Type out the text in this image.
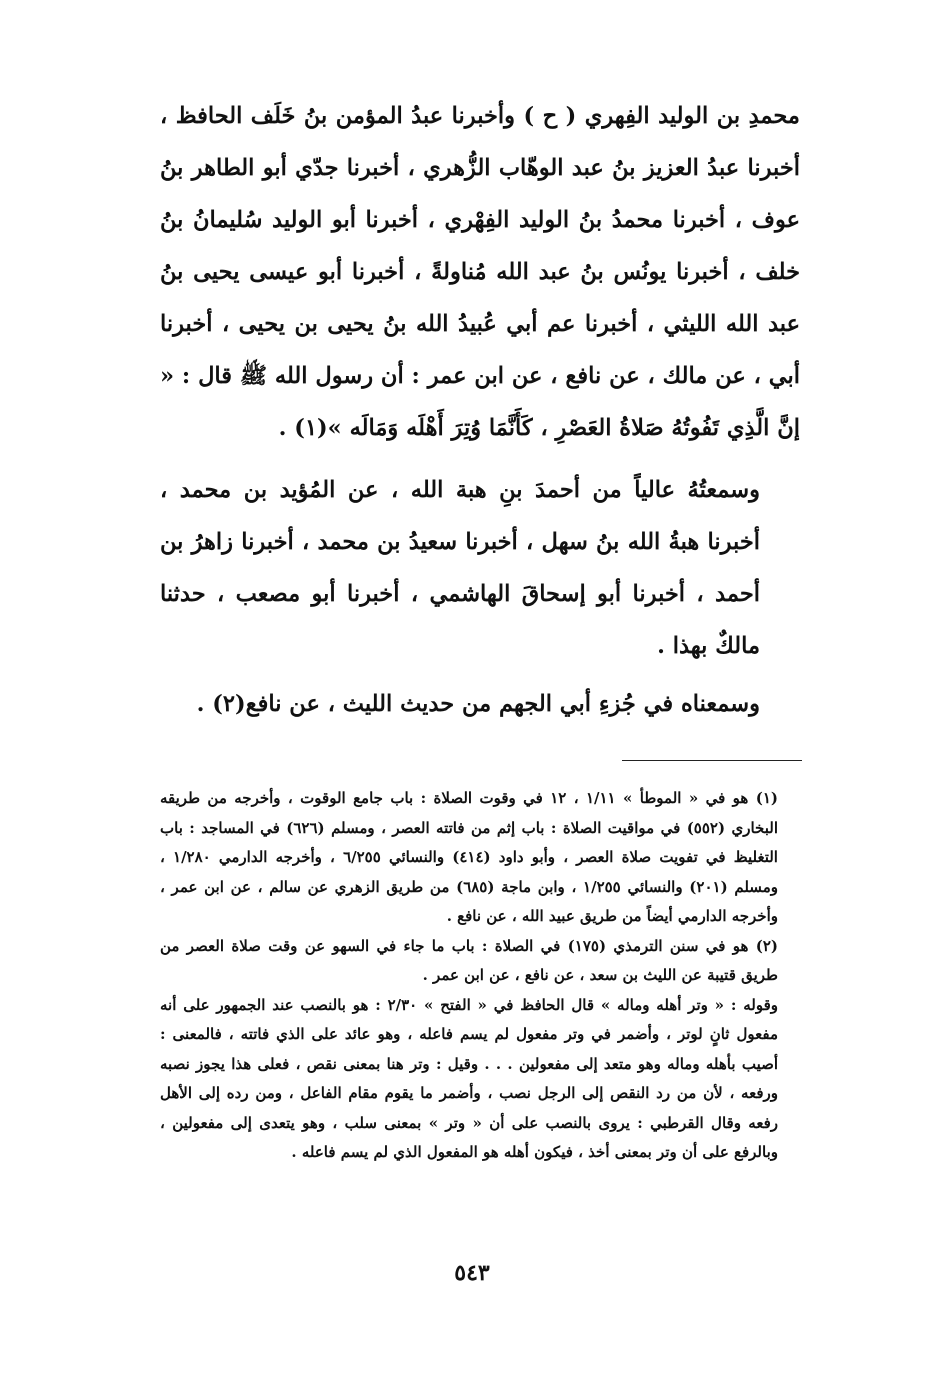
محمدِ بن الوليد الفِهري ( ح ) وأخبرنا عبدُ المؤمن بنُ خَلَف الحافظ ، أخبرنا عبدُ العزيز بنُ عبد الوهّاب الزُّهري ، أخبرنا جدّي أبو الطاهر بنُ عوف ، أخبرنا محمدُ بنُ الوليد الفِهْري ، أخبرنا أبو الوليد سُليمانُ بنُ خلف ، أخبرنا يونُس بنُ عبد الله مُناولةً ، أخبرنا أبو عيسى يحيى بنُ عبد الله الليثي ، أخبرنا عم أبي عُبيدُ الله بنُ يحيى بن يحيى ، أخبرنا أبي ، عن مالك ، عن نافع ، عن ابن عمر : أن رسول الله ﷺ قال : « إنَّ الَّذِي تَفُوتُهُ صَلاةُ العَصْرِ ، كَأَنَّمَا وُتِرَ أَهْلَه وَمَالَه »(١) .
وسمعتُهُ عالياً من أحمدَ بنِ هبة الله ، عن المُؤيد بن محمد ، أخبرنا هبةُ الله بنُ سهل ، أخبرنا سعيدُ بن محمد ، أخبرنا زاهرُ بن أحمد ، أخبرنا أبو إسحاقَ الهاشمي ، أخبرنا أبو مصعب ، حدثنا مالكٌ بهذا .
وسمعناه في جُزءِ أبي الجهم من حديث الليث ، عن نافع(٢) .

(١) هو في « الموطأ » ١/١١ ، ١٢ في وقوت الصلاة : باب جامع الوقوت ، وأخرجه من طريقه البخاري (٥٥٢) في مواقيت الصلاة : باب إثم من فاتته العصر ، ومسلم (٦٢٦) في المساجد : باب التغليظ في تفويت صلاة العصر ، وأبو داود (٤١٤) والنسائي ٦/٢٥٥ ، وأخرجه الدارمي ١/٢٨٠ ، ومسلم (٢٠١) والنسائي ١/٢٥٥ ، وابن ماجة (٦٨٥) من طريق الزهري عن سالم ، عن ابن عمر ، وأخرجه الدارمي أيضاً من طريق عبيد الله ، عن نافع .

(٢) هو في سنن الترمذي (١٧٥) في الصلاة : باب ما جاء في السهو عن وقت صلاة العصر من طريق قتيبة عن الليث بن سعد ، عن نافع ، عن ابن عمر .

وقوله : « وتر أهله وماله » قال الحافظ في « الفتح » ٢/٣٠ : هو بالنصب عند الجمهور على أنه مفعول ثانٍ لوتر ، وأضمر في وتر مفعول لم يسم فاعله ، وهو عائد على الذي فاتته ، فالمعنى : أصيب بأهله وماله وهو متعد إلى مفعولين . . . وقيل : وتر هنا بمعنى نقص ، فعلى هذا يجوز نصبه ورفعه ، لأن من رد النقص إلى الرجل نصب ، وأضمر ما يقوم مقام الفاعل ، ومن رده إلى الأهل رفعه وقال القرطبي : يروى بالنصب على أن « وتر » بمعنى سلب ، وهو يتعدى إلى مفعولين ، وبالرفع على أن وتر بمعنى أخذ ، فيكون أهله هو المفعول الذي لم يسم فاعله .

٥٤٣
